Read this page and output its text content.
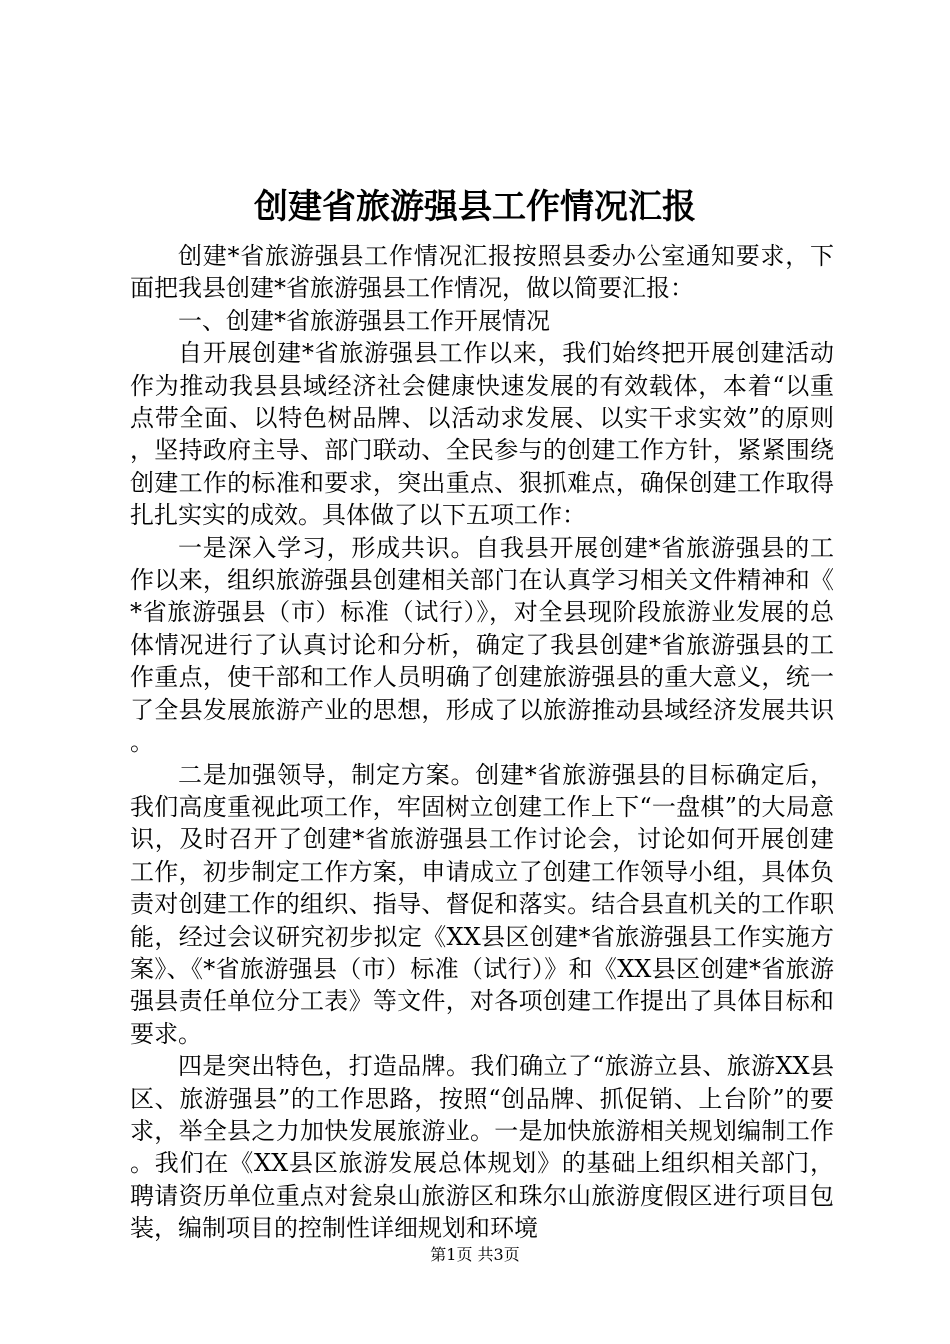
创建省旅游强县工作情况汇报

创建*省旅游强县工作情况汇报按照县委办公室通知要求，下面把我县创建*省旅游强县工作情况，做以简要汇报：

一、创建*省旅游强县工作开展情况

自开展创建*省旅游强县工作以来，我们始终把开展创建活动作为推动我县县域经济社会健康快速发展的有效载体，本着“以重点带全面、以特色树品牌、以活动求发展、以实干求实效”的原则，坚持政府主导、部门联动、全民参与的创建工作方针，紧紧围绕创建工作的标准和要求，突出重点、狠抓难点，确保创建工作取得扎扎实实的成效。具体做了以下五项工作：

一是深入学习，形成共识。自我县开展创建*省旅游强县的工作以来，组织旅游强县创建相关部门在认真学习相关文件精神和《*省旅游强县（市）标准（试行）》，对全县现阶段旅游业发展的总体情况进行了认真讨论和分析，确定了我县创建*省旅游强县的工作重点，使干部和工作人员明确了创建旅游强县的重大意义，统一了全县发展旅游产业的思想，形成了以旅游推动县域经济发展共识。

二是加强领导，制定方案。创建*省旅游强县的目标确定后，我们高度重视此项工作，牢固树立创建工作上下“一盘棋”的大局意识，及时召开了创建*省旅游强县工作讨论会，讨论如何开展创建工作，初步制定工作方案，申请成立了创建工作领导小组，具体负责对创建工作的组织、指导、督促和落实。结合县直机关的工作职能，经过会议研究初步拟定《XX县区创建*省旅游强县工作实施方案》、《*省旅游强县（市）标准（试行）》和《XX县区创建*省旅游强县责任单位分工表》等文件，对各项创建工作提出了具体目标和要求。

四是突出特色，打造品牌。我们确立了“旅游立县、旅游XX县区、旅游强县”的工作思路，按照“创品牌、抓促销、上台阶”的要求，举全县之力加快发展旅游业。一是加快旅游相关规划编制工作。我们在《XX县区旅游发展总体规划》的基础上组织相关部门，聘请资历单位重点对瓮泉山旅游区和珠尔山旅游度假区进行项目包装，编制项目的控制性详细规划和环境

第1页 共3页
